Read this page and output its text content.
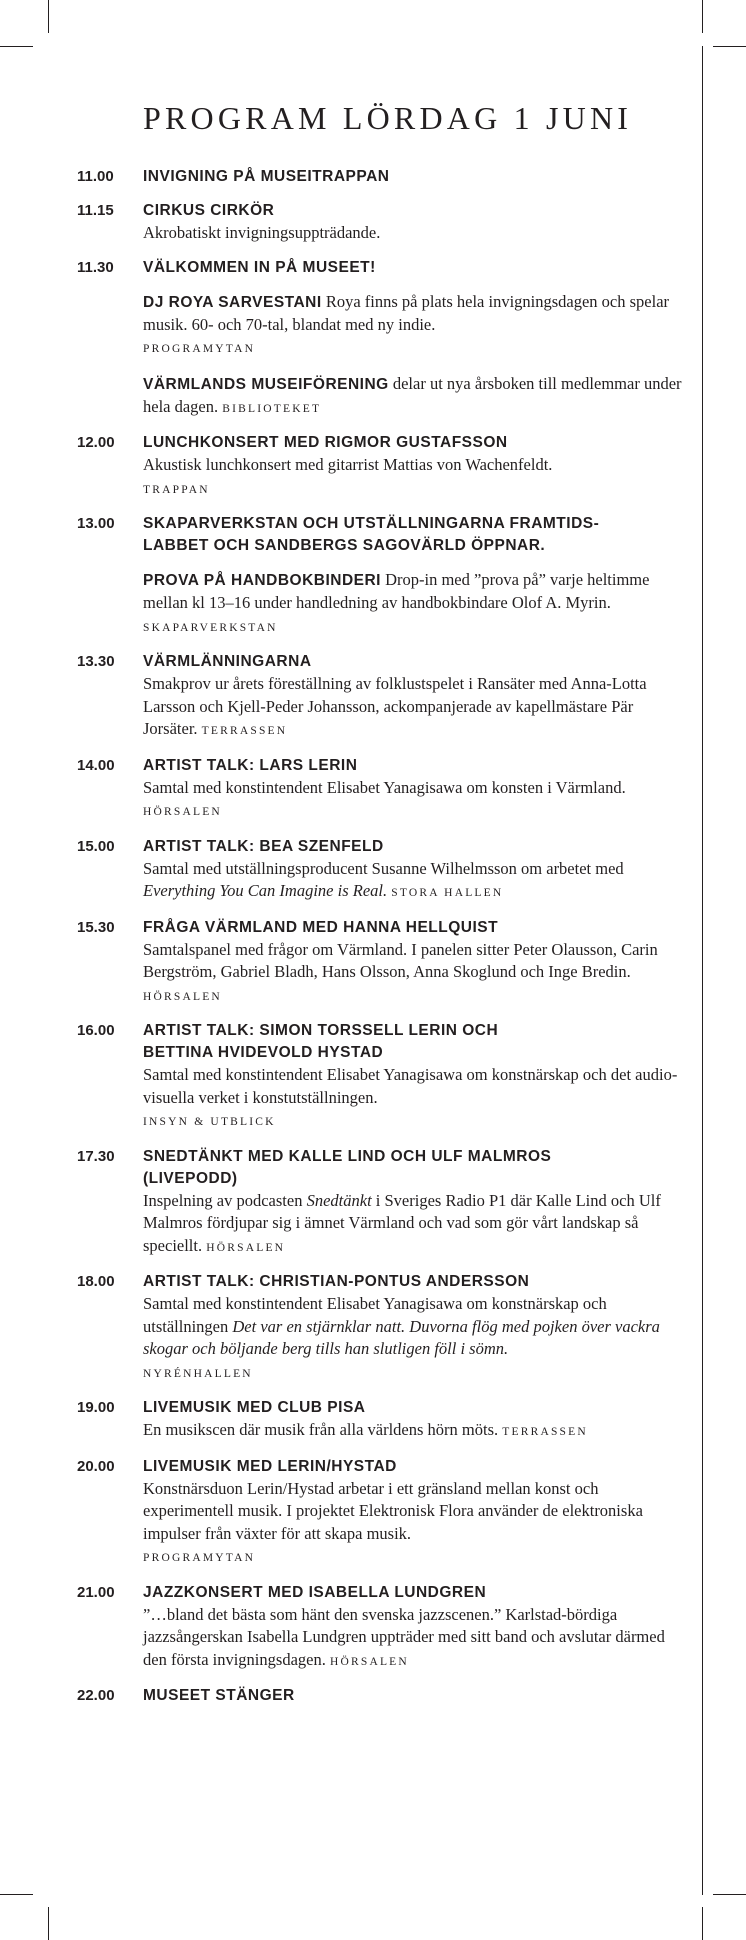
PROGRAM LÖRDAG 1 JUNI
11.00 INVIGNING PÅ MUSEITRAPPAN
11.15 CIRKUS CIRKÖR
Akrobatiskt invigningsuppträdande.
11.30 VÄLKOMMEN IN PÅ MUSEET!
DJ ROYA SARVESTANI Roya finns på plats hela invigningsdagen och spelar musik. 60- och 70-tal, blandat med ny indie.
PROGRAMYTAN
VÄRMLANDS MUSEIFÖRENING delar ut nya årsboken till medlemmar under hela dagen. BIBLIOTEKET
12.00 LUNCHKONSERT MED RIGMOR GUSTAFSSON
Akustisk lunchkonsert med gitarrist Mattias von Wachenfeldt.
TRAPPAN
13.00 SKAPARVERKSTAN OCH UTSTÄLLNINGARNA FRAMTIDS-
LABBET OCH SANDBERGS SAGOVÄRLD ÖPPNAR.
PROVA PÅ HANDBOKBINDERI Drop-in med ”prova på” varje heltimme mellan kl 13–16 under handledning av handbokbindare Olof A. Myrin. SKAPARVERKSTAN
13.30 VÄRMLÄNNINGARNA
Smakprov ur årets föreställning av folklustspelet i Ransäter med Anna-Lotta Larsson och Kjell-Peder Johansson, ackompanjerade av kapellmästare Pär Jorsäter. TERRASSEN
14.00 ARTIST TALK: LARS LERIN
Samtal med konstintendent Elisabet Yanagisawa om konsten i Värmland. HÖRSALEN
15.00 ARTIST TALK: BEA SZENFELD
Samtal med utställningsproducent Susanne Wilhelmsson om arbetet med Everything You Can Imagine is Real. STORA HALLEN
15.30 FRÅGA VÄRMLAND MED HANNA HELLQUIST
Samtalspanel med frågor om Värmland. I panelen sitter Peter Olausson, Carin Bergström, Gabriel Bladh, Hans Olsson, Anna Skoglund och Inge Bredin. HÖRSALEN
16.00 ARTIST TALK: SIMON TORSSELL LERIN OCH
BETTINA HVIDEVOLD HYSTAD
Samtal med konstintendent Elisabet Yanagisawa om konstnärskap och det audio-visuella verket i konstutställningen.
INSYN & UTBLICK
17.30 SNEDTÄNKT MED KALLE LIND OCH ULF MALMROS
(LIVEPODD)
Inspelning av podcasten Snedtänkt i Sveriges Radio P1 där Kalle Lind och Ulf Malmros fördjupar sig i ämnet Värmland och vad som gör vårt landskap så speciellt. HÖRSALEN
18.00 ARTIST TALK: CHRISTIAN-PONTUS ANDERSSON
Samtal med konstintendent Elisabet Yanagisawa om konstnärskap och utställningen Det var en stjärnklar natt. Duvorna flög med pojken över vackra skogar och böljande berg tills han slutligen föll i sömn.
NYRÉNHALLEN
19.00 LIVEMUSIK MED CLUB PISA
En musikscen där musik från alla världens hörn möts. TERRASSEN
20.00 LIVEMUSIK MED LERIN/HYSTAD
Konstnärsduon Lerin/Hystad arbetar i ett gränsland mellan konst och experimentell musik. I projektet Elektronisk Flora använder de elektroniska impulser från växter för att skapa musik.
PROGRAMYTAN
21.00 JAZZKONSERT MED ISABELLA LUNDGREN
”…bland det bästa som hänt den svenska jazzscenen.” Karlstad-bördiga jazzsångerskan Isabella Lundgren uppträder med sitt band och avslutar därmed den första invigningsdagen. HÖRSALEN
22.00 MUSEET STÄNGER
